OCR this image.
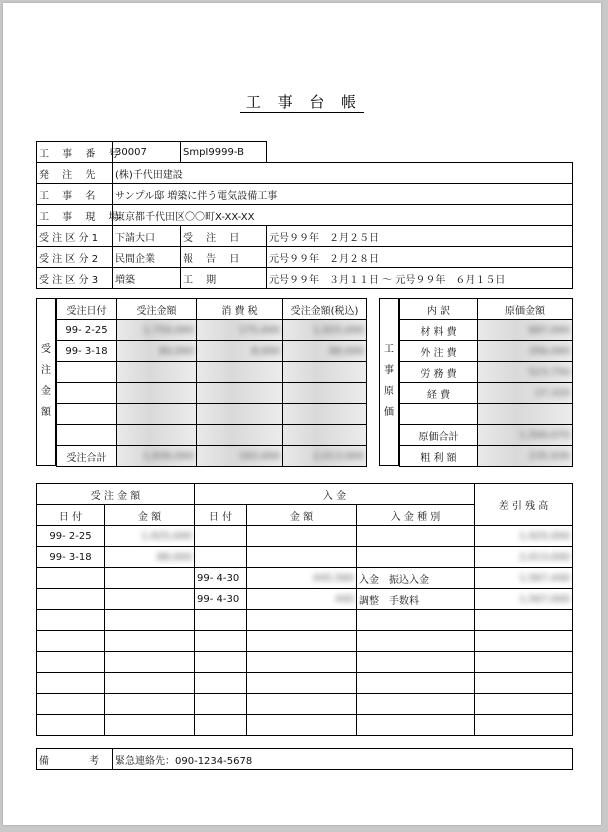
工 事 台 帳
工 事 番 号	30007	SmpI9999-B	
発 注 先	(株)千代田建設		
工 事 名	サンプル邸 増築に伴う電気設備工事		
工 事 現 場	東京都千代田区〇〇町X-XX-XX		
受 注 区 分 1	下請大口	受 注 日	元号９９年　２月２５日
受 注 区 分 2	民間企業	報 告 日	元号９９年　２月２８日
受 注 区 分 3	増築	工 期	元号９９年　３月１１日 ～ 元号９９年　６月１５日
受
注
金
額
受注日付	受注金額	消 費 税	受注金額(税込)
99- 2-25	1,750,000	175,000	1,925,000
99- 3-18	80,000	8,000	88,000

受注合計	1,830,000	183,000	2,013,000
工
事
原
価
内 訳	原価金額
材 料 費	687,000
外 注 費	356,000
労 務 費	523,750
経 費	27,320

原価合計	1,594,070
粗 利 額	235,930
受 注 金 額		入 金			差 引 残 高
日 付	金 額	日 付	金 額	入 金 種 別	
99- 2-25	1,925,000			　	1,925,000
99- 3-18	88,000			　	2,013,000
		99- 4-30	445,560	入金　 振込入金	1,567,440
		99- 4-30	440	調整　 手数料	1,567,000

備　　　　考	緊急連絡先：090-1234-5678
